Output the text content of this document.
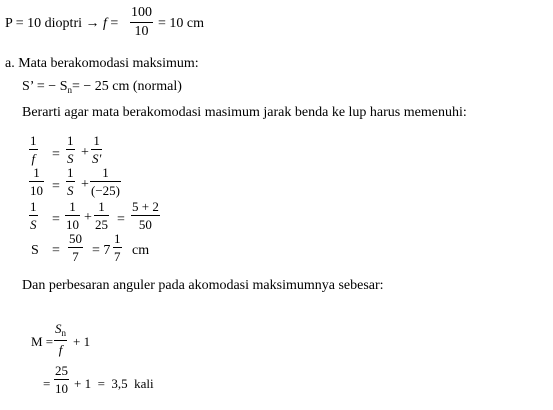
P = 10 dioptri → f =
100
10
= 10 cm
a. Mata berakomodasi maksimum:
S’ = − $S_n= - 25$ cm (normal)
Berarti agar mata berakomodasi masimum jarak benda ke lup harus memenuhi:
1
f =
1
S +
1
S'
1
10 =
1
S +
1
(−25)
1
S =
1
10 +
1
25 =
5 + 2
50
S =
50
7 = 7
1
7 cm
Dan perbesaran anguler pada akomodasi maksimumnya sebesar:
M =
$S_n$
f
+ 1
=
25
10 + 1  =  3,5  kali
